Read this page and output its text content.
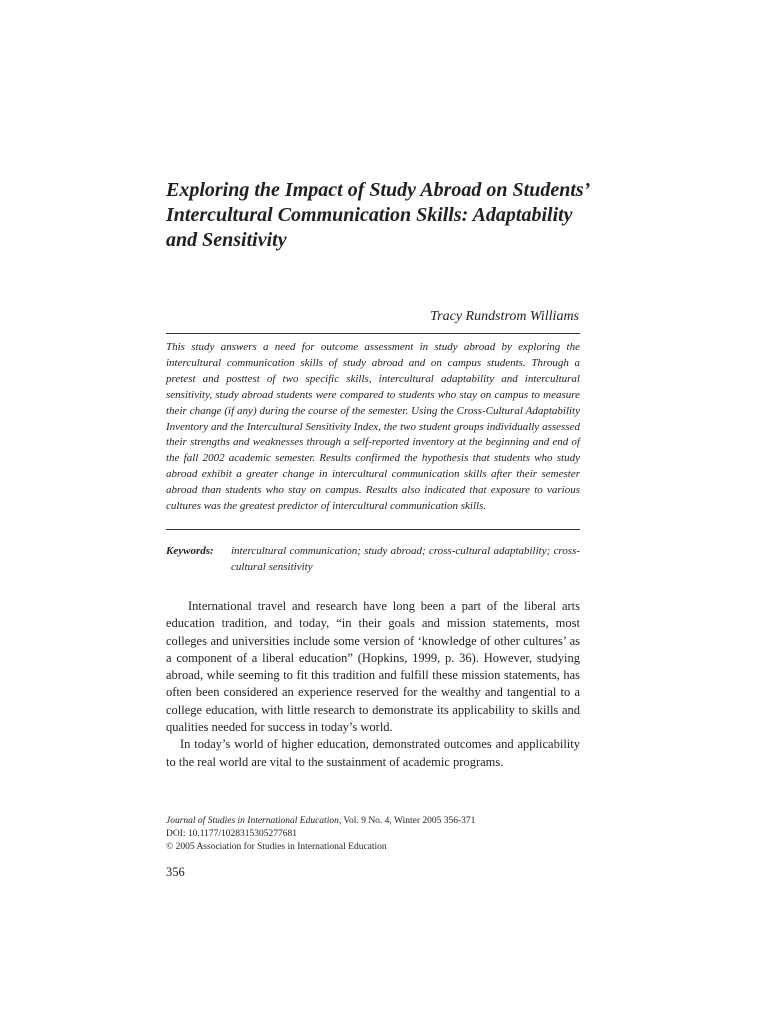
Exploring the Impact of Study Abroad on Students’ Intercultural Communication Skills: Adaptability and Sensitivity
Tracy Rundstrom Williams

This study answers a need for outcome assessment in study abroad by exploring the intercultural communication skills of study abroad and on campus students. Through a pretest and posttest of two specific skills, intercultural adaptability and intercultural sensitivity, study abroad students were compared to students who stay on campus to measure their change (if any) during the course of the semester. Using the Cross-Cultural Adaptability Inventory and the Intercultural Sensitivity Index, the two student groups individually assessed their strengths and weaknesses through a self-reported inventory at the beginning and end of the fall 2002 academic semester. Results confirmed the hypothesis that students who study abroad exhibit a greater change in intercultural communication skills after their semester abroad than students who stay on campus. Results also indicated that exposure to various cultures was the greatest predictor of intercultural communication skills.

Keywords: intercultural communication; study abroad; cross-cultural adaptability; cross-cultural sensitivity

International travel and research have long been a part of the liberal arts education tradition, and today, “in their goals and mission statements, most colleges and universities include some version of ‘knowledge of other cultures’ as a component of a liberal education” (Hopkins, 1999, p. 36). However, studying abroad, while seeming to fit this tradition and fulfill these mission statements, has often been considered an experience reserved for the wealthy and tangential to a college education, with little research to demonstrate its applicability to skills and qualities needed for success in today’s world.

In today’s world of higher education, demonstrated outcomes and applicability to the real world are vital to the sustainment of academic programs.

Journal of Studies in International Education, Vol. 9 No. 4, Winter 2005 356-371
DOI: 10.1177/1028315305277681
© 2005 Association for Studies in International Education
356
